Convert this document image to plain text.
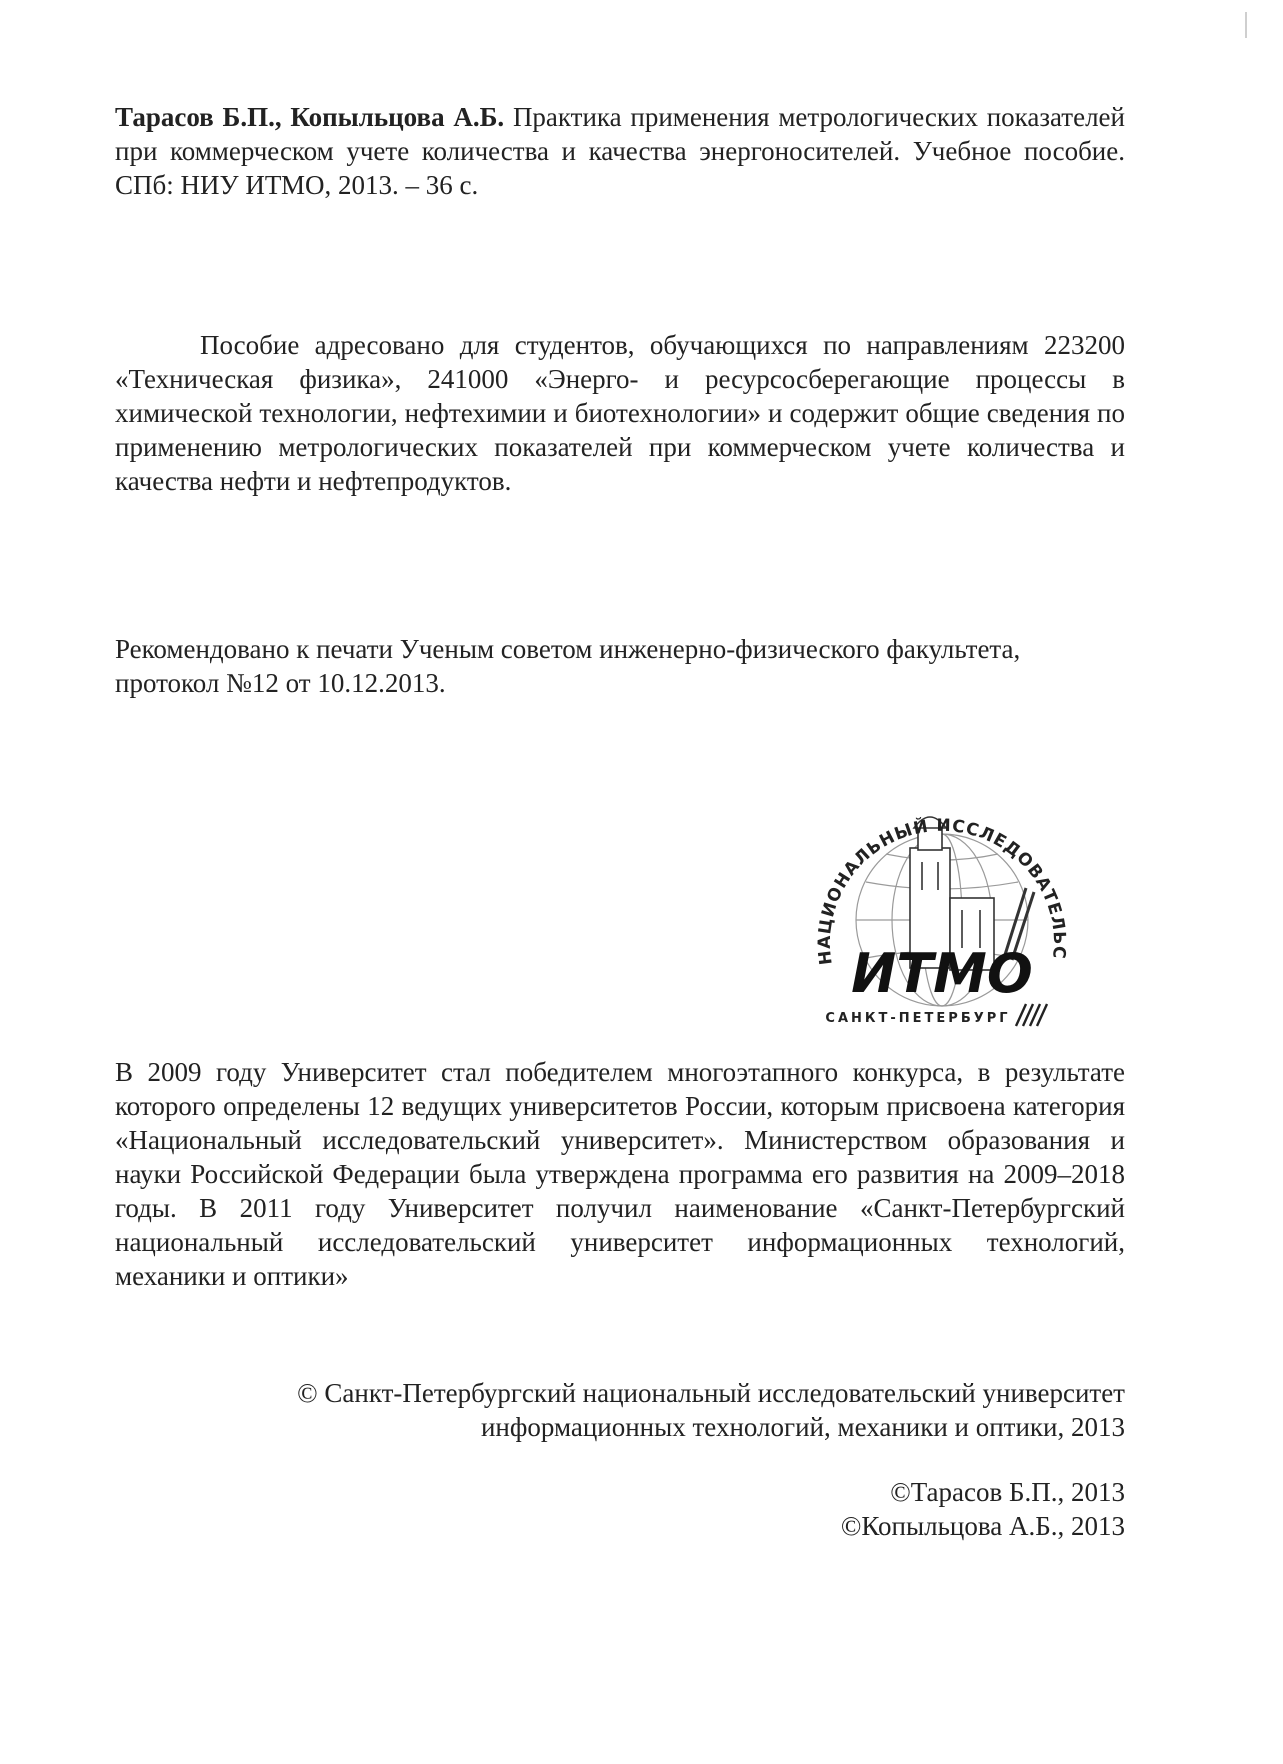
Тарасов Б.П., Копыльцова А.Б. Практика применения метрологических показателей при коммерческом учете количества и качества энергоносителей. Учебное пособие. СПб: НИУ ИТМО, 2013. – 36 с.

Пособие адресовано для студентов, обучающихся по направлениям 223200 «Техническая физика», 241000 «Энерго- и ресурсосберегающие процессы в химической технологии, нефтехимии и биотехнологии» и содержит общие сведения по применению метрологических показателей при коммерческом учете количества и качества нефти и нефтепродуктов.

Рекомендовано к печати Ученым советом инженерно-физического факультета,
протокол №12 от 10.12.2013.
НАЦИОНАЛЬНЫЙ ИССЛЕДОВАТЕЛЬС
ИТМО
САНКТ-ПЕТЕРБУРГ

В 2009 году Университет стал победителем многоэтапного конкурса, в результате которого определены 12 ведущих университетов России, которым присвоена категория «Национальный исследовательский университет». Министерством образования и науки Российской Федерации была утверждена программа его развития на 2009–2018 годы. В 2011 году Университет получил наименование «Санкт-Петербургский национальный исследовательский университет информационных технологий, механики и оптики»

© Санкт-Петербургский национальный исследовательский университет
информационных технологий, механики и оптики, 2013
©Тарасов Б.П., 2013
©Копыльцова А.Б., 2013
